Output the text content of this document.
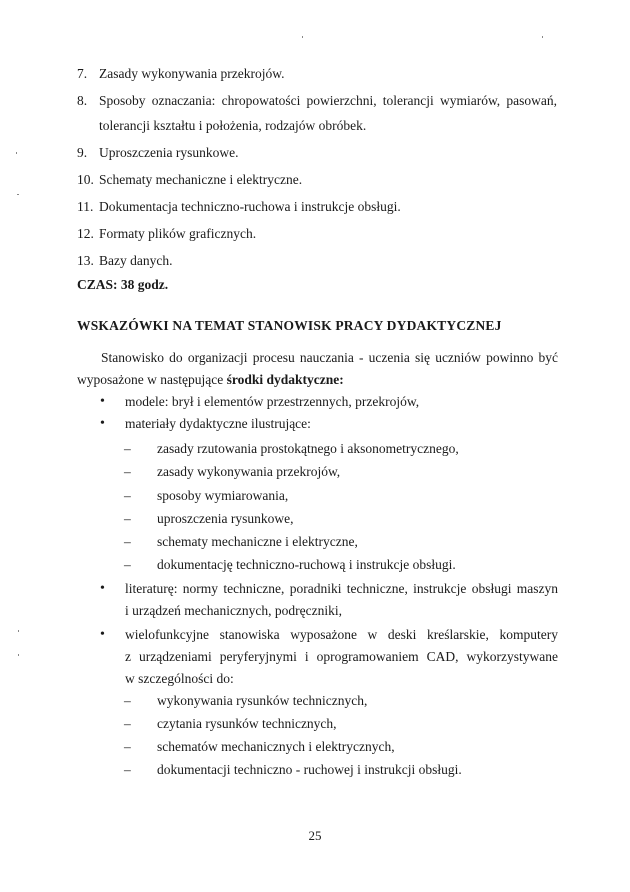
7. Zasady wykonywania przekrojów.
8. Sposoby oznaczania: chropowatości powierzchni, tolerancji wymiarów, pasowań,
tolerancji kształtu i położenia, rodzajów obróbek.
9. Uproszczenia rysunkowe.
10. Schematy mechaniczne i elektryczne.
11. Dokumentacja techniczno-ruchowa i instrukcje obsługi.
12. Formaty plików graficznych.
13. Bazy danych.
CZAS: 38 godz.
WSKAZÓWKI NA TEMAT STANOWISK PRACY DYDAKTYCZNEJ
Stanowisko do organizacji procesu nauczania - uczenia się uczniów powinno być
wyposażone w następujące środki dydaktyczne:
•	modele: brył i elementów przestrzennych, przekrojów,
•	materiały dydaktyczne ilustrujące:
–	zasady rzutowania prostokątnego i aksonometrycznego,
–	zasady wykonywania przekrojów,
–	sposoby wymiarowania,
–	uproszczenia rysunkowe,
–	schematy mechaniczne i elektryczne,
–	dokumentację techniczno-ruchową i instrukcje obsługi.
•	literaturę: normy techniczne, poradniki techniczne, instrukcje obsługi maszyn
i urządzeń mechanicznych, podręczniki,
•	wielofunkcyjne stanowiska wyposażone w deski kreślarskie, komputery
z urządzeniami peryferyjnymi i oprogramowaniem CAD, wykorzystywane
w szczególności do:
–	wykonywania rysunków technicznych,
–	czytania rysunków technicznych,
–	schematów mechanicznych i elektrycznych,
–	dokumentacji techniczno - ruchowej i instrukcji obsługi.
25
